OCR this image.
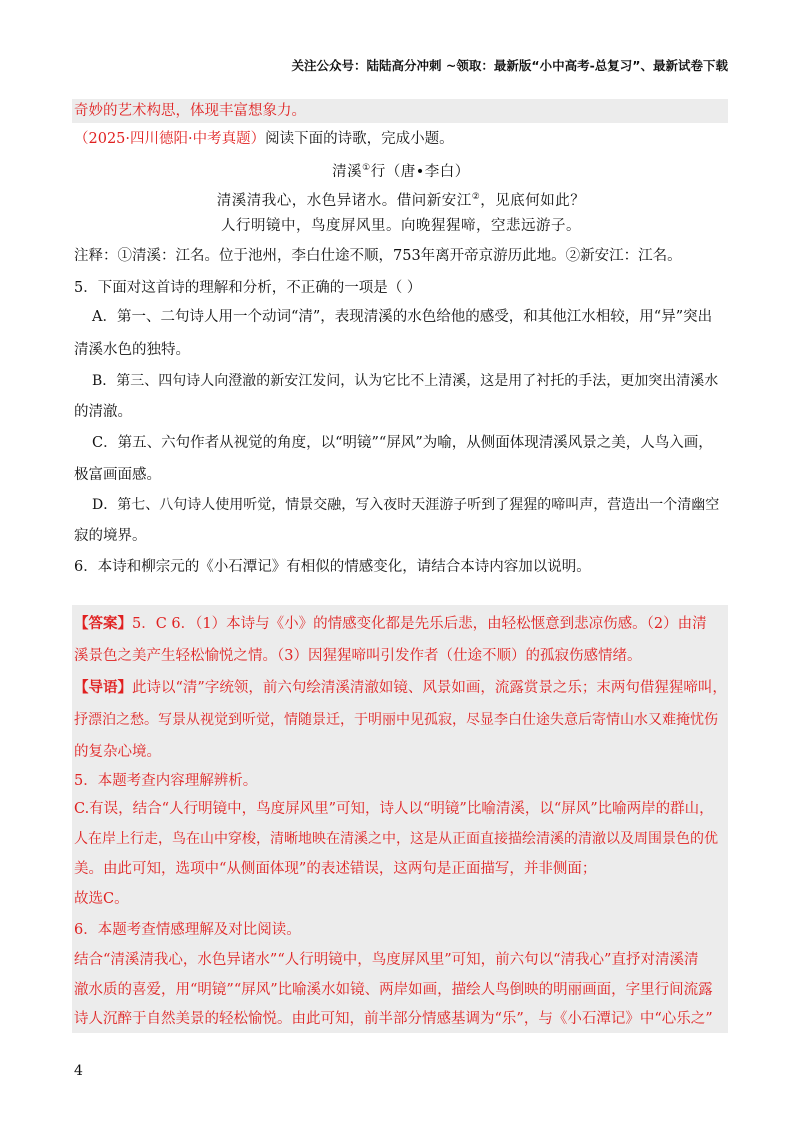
关注公众号：陆陆高分冲刺 ~领取：最新版“小中高考-总复习”、最新试卷下载
奇妙的艺术构思，体现丰富想象力。
（2025·四川德阳·中考真题）阅读下面的诗歌，完成小题。
清溪①行（唐•李白）
清溪清我心，水色异诸水。借问新安江②，见底何如此？
人行明镜中，鸟度屏风里。向晚猩猩啼，空悲远游子。
注释：①清溪：江名。位于池州，李白仕途不顺，753年离开帝京游历此地。②新安江：江名。
5．下面对这首诗的理解和分析，不正确的一项是（ ）
A．第一、二句诗人用一个动词“清”，表现清溪的水色给他的感受，和其他江水相较，用“异”突出
清溪水色的独特。
B．第三、四句诗人向澄澈的新安江发问，认为它比不上清溪，这是用了衬托的手法，更加突出清溪水
的清澈。
C．第五、六句作者从视觉的角度，以“明镜”“屏风”为喻，从侧面体现清溪风景之美，人鸟入画，
极富画面感。
D．第七、八句诗人使用听觉，情景交融，写入夜时天涯游子听到了猩猩的啼叫声，营造出一个清幽空
寂的境界。
6．本诗和柳宗元的《小石潭记》有相似的情感变化，请结合本诗内容加以说明。
【答案】5．C 6．（1）本诗与《小》的情感变化都是先乐后悲，由轻松惬意到悲凉伤感。（2）由清
溪景色之美产生轻松愉悦之情。（3）因猩猩啼叫引发作者（仕途不顺）的孤寂伤感情绪。
【导语】此诗以“清”字统领，前六句绘清溪清澈如镜、风景如画，流露赏景之乐；末两句借猩猩啼叫，
抒漂泊之愁。写景从视觉到听觉，情随景迁，于明丽中见孤寂，尽显李白仕途失意后寄情山水又难掩忧伤
的复杂心境。
5．本题考查内容理解辨析。
C.有误，结合“人行明镜中，鸟度屏风里”可知，诗人以“明镜”比喻清溪，以“屏风”比喻两岸的群山，
人在岸上行走，鸟在山中穿梭，清晰地映在清溪之中，这是从正面直接描绘清溪的清澈以及周围景色的优
美。由此可知，选项中“从侧面体现”的表述错误，这两句是正面描写，并非侧面；
故选C。
6．本题考查情感理解及对比阅读。
结合“清溪清我心，水色异诸水”“人行明镜中，鸟度屏风里”可知，前六句以“清我心”直抒对清溪清
澈水质的喜爱，用“明镜”“屏风”比喻溪水如镜、两岸如画，描绘人鸟倒映的明丽画面，字里行间流露
诗人沉醉于自然美景的轻松愉悦。由此可知，前半部分情感基调为“乐”，与《小石潭记》中“心乐之”
4
